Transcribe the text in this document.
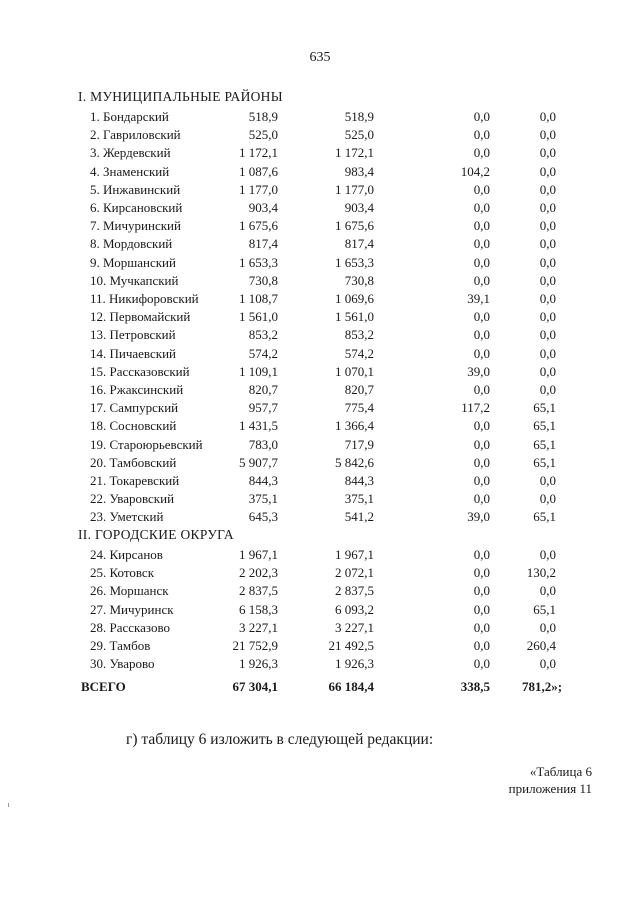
635
I. МУНИЦИПАЛЬНЫЕ РАЙОНЫ
1. Бондарский	518,9	518,9	0,0	0,0
2. Гавриловский	525,0	525,0	0,0	0,0
3. Жердевский	1 172,1	1 172,1	0,0	0,0
4. Знаменский	1 087,6	983,4	104,2	0,0
5. Инжавинский	1 177,0	1 177,0	0,0	0,0
6. Кирсановский	903,4	903,4	0,0	0,0
7. Мичуринский	1 675,6	1 675,6	0,0	0,0
8. Мордовский	817,4	817,4	0,0	0,0
9. Моршанский	1 653,3	1 653,3	0,0	0,0
10. Мучкапский	730,8	730,8	0,0	0,0
11. Никифоровский	1 108,7	1 069,6	39,1	0,0
12. Первомайский	1 561,0	1 561,0	0,0	0,0
13. Петровский	853,2	853,2	0,0	0,0
14. Пичаевский	574,2	574,2	0,0	0,0
15. Рассказовский	1 109,1	1 070,1	39,0	0,0
16. Ржаксинский	820,7	820,7	0,0	0,0
17. Сампурский	957,7	775,4	117,2	65,1
18. Сосновский	1 431,5	1 366,4	0,0	65,1
19. Староюрьевский	783,0	717,9	0,0	65,1
20. Тамбовский	5 907,7	5 842,6	0,0	65,1
21. Токаревский	844,3	844,3	0,0	0,0
22. Уваровский	375,1	375,1	0,0	0,0
23. Уметский	645,3	541,2	39,0	65,1
II. ГОРОДСКИЕ ОКРУГА
24. Кирсанов	1 967,1	1 967,1	0,0	0,0
25. Котовск	2 202,3	2 072,1	0,0	130,2
26. Моршанск	2 837,5	2 837,5	0,0	0,0
27. Мичуринск	6 158,3	6 093,2	0,0	65,1
28. Рассказово	3 227,1	3 227,1	0,0	0,0
29. Тамбов	21 752,9	21 492,5	0,0	260,4
30. Уварово	1 926,3	1 926,3	0,0	0,0
ВСЕГО	67 304,1	66 184,4	338,5 781,2»;
г) таблицу 6 изложить в следующей редакции:
«Таблица 6
приложения 11
